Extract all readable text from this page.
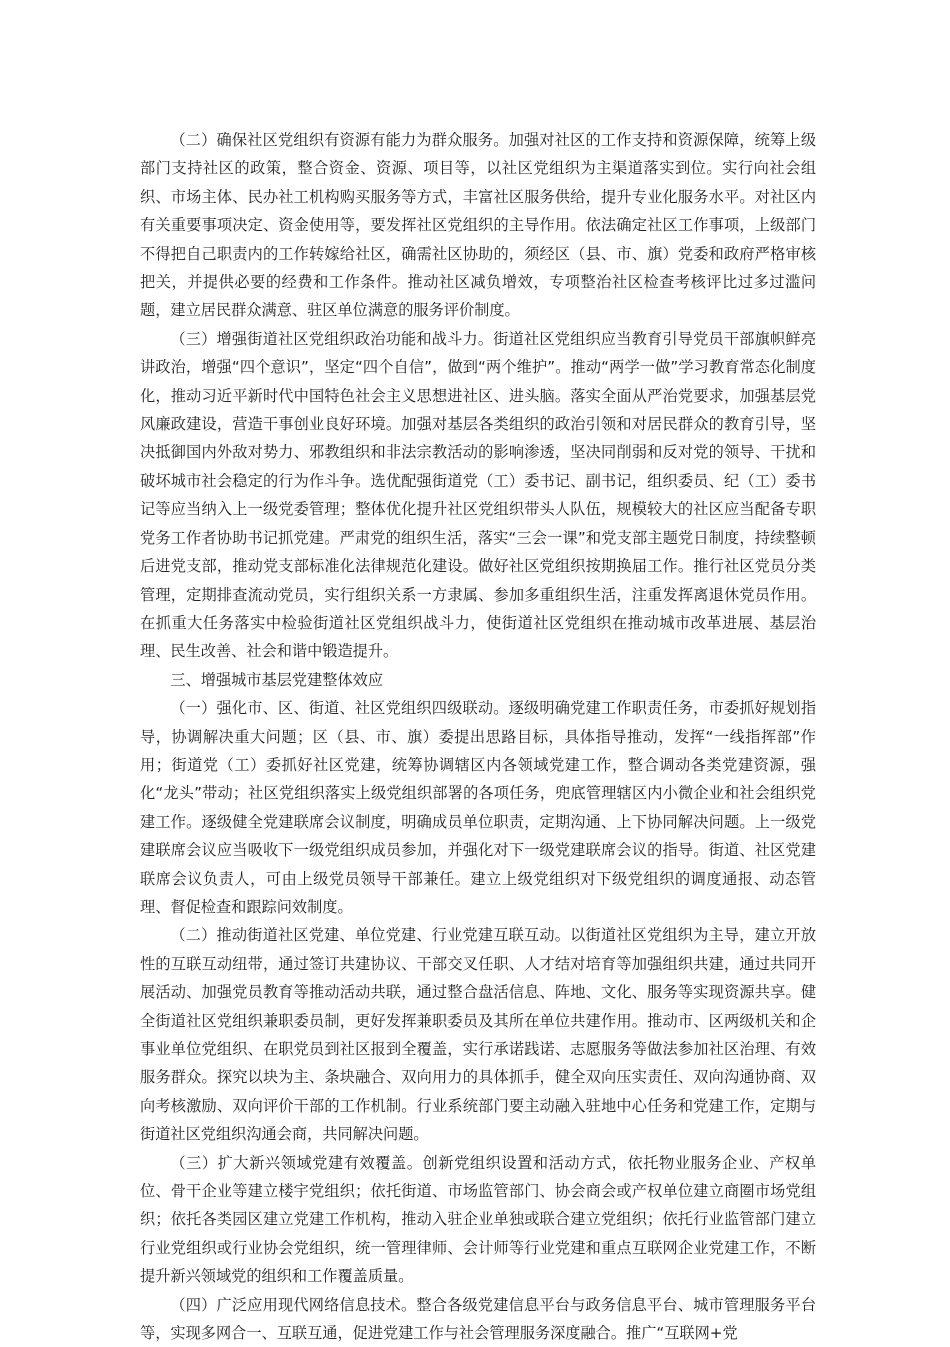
（二）确保社区党组织有资源有能力为群众服务。加强对社区的工作支持和资源保障，统筹上级部门支持社区的政策，整合资金、资源、项目等，以社区党组织为主渠道落实到位。实行向社会组织、市场主体、民办社工机构购买服务等方式，丰富社区服务供给，提升专业化服务水平。对社区内有关重要事项决定、资金使用等，要发挥社区党组织的主导作用。依法确定社区工作事项，上级部门不得把自己职责内的工作转嫁给社区，确需社区协助的，须经区（县、市、旗）党委和政府严格审核把关，并提供必要的经费和工作条件。推动社区减负增效，专项整治社区检查考核评比过多过滥问题，建立居民群众满意、驻区单位满意的服务评价制度。

（三）增强街道社区党组织政治功能和战斗力。街道社区党组织应当教育引导党员干部旗帜鲜亮讲政治，增强“四个意识”，坚定“四个自信”，做到“两个维护”。推动“两学一做”学习教育常态化制度化，推动习近平新时代中国特色社会主义思想进社区、进头脑。落实全面从严治党要求，加强基层党风廉政建设，营造干事创业良好环境。加强对基层各类组织的政治引领和对居民群众的教育引导，坚决抵御国内外敌对势力、邪教组织和非法宗教活动的影响渗透，坚决同削弱和反对党的领导、干扰和破坏城市社会稳定的行为作斗争。选优配强街道党（工）委书记、副书记，组织委员、纪（工）委书记等应当纳入上一级党委管理；整体优化提升社区党组织带头人队伍，规模较大的社区应当配备专职党务工作者协助书记抓党建。严肃党的组织生活，落实“三会一课”和党支部主题党日制度，持续整顿后进党支部，推动党支部标准化法律规范化建设。做好社区党组织按期换届工作。推行社区党员分类管理，定期排查流动党员，实行组织关系一方隶属、参加多重组织生活，注重发挥离退休党员作用。在抓重大任务落实中检验街道社区党组织战斗力，使街道社区党组织在推动城市改革进展、基层治理、民生改善、社会和谐中锻造提升。

三、增强城市基层党建整体效应

（一）强化市、区、街道、社区党组织四级联动。逐级明确党建工作职责任务，市委抓好规划指导，协调解决重大问题；区（县、市、旗）委提出思路目标，具体指导推动，发挥“一线指挥部”作用；街道党（工）委抓好社区党建，统筹协调辖区内各领域党建工作，整合调动各类党建资源，强化“龙头”带动；社区党组织落实上级党组织部署的各项任务，兜底管理辖区内小微企业和社会组织党建工作。逐级健全党建联席会议制度，明确成员单位职责，定期沟通、上下协同解决问题。上一级党建联席会议应当吸收下一级党组织成员参加，并强化对下一级党建联席会议的指导。街道、社区党建联席会议负责人，可由上级党员领导干部兼任。建立上级党组织对下级党组织的调度通报、动态管理、督促检查和跟踪问效制度。

（二）推动街道社区党建、单位党建、行业党建互联互动。以街道社区党组织为主导，建立开放性的互联互动纽带，通过签订共建协议、干部交叉任职、人才结对培育等加强组织共建，通过共同开展活动、加强党员教育等推动活动共联，通过整合盘活信息、阵地、文化、服务等实现资源共享。健全街道社区党组织兼职委员制，更好发挥兼职委员及其所在单位共建作用。推动市、区两级机关和企事业单位党组织、在职党员到社区报到全覆盖，实行承诺践诺、志愿服务等做法参加社区治理、有效服务群众。探究以块为主、条块融合、双向用力的具体抓手，健全双向压实责任、双向沟通协商、双向考核激励、双向评价干部的工作机制。行业系统部门要主动融入驻地中心任务和党建工作，定期与街道社区党组织沟通会商，共同解决问题。

（三）扩大新兴领域党建有效覆盖。创新党组织设置和活动方式，依托物业服务企业、产权单位、骨干企业等建立楼宇党组织；依托街道、市场监管部门、协会商会或产权单位建立商圈市场党组织；依托各类园区建立党建工作机构，推动入驻企业单独或联合建立党组织；依托行业监管部门建立行业党组织或行业协会党组织，统一管理律师、会计师等行业党建和重点互联网企业党建工作，不断提升新兴领域党的组织和工作覆盖质量。

（四）广泛应用现代网络信息技术。整合各级党建信息平台与政务信息平台、城市管理服务平台等，实现多网合一、互联互通，促进党建工作与社会管理服务深度融合。推广“互联网+党
